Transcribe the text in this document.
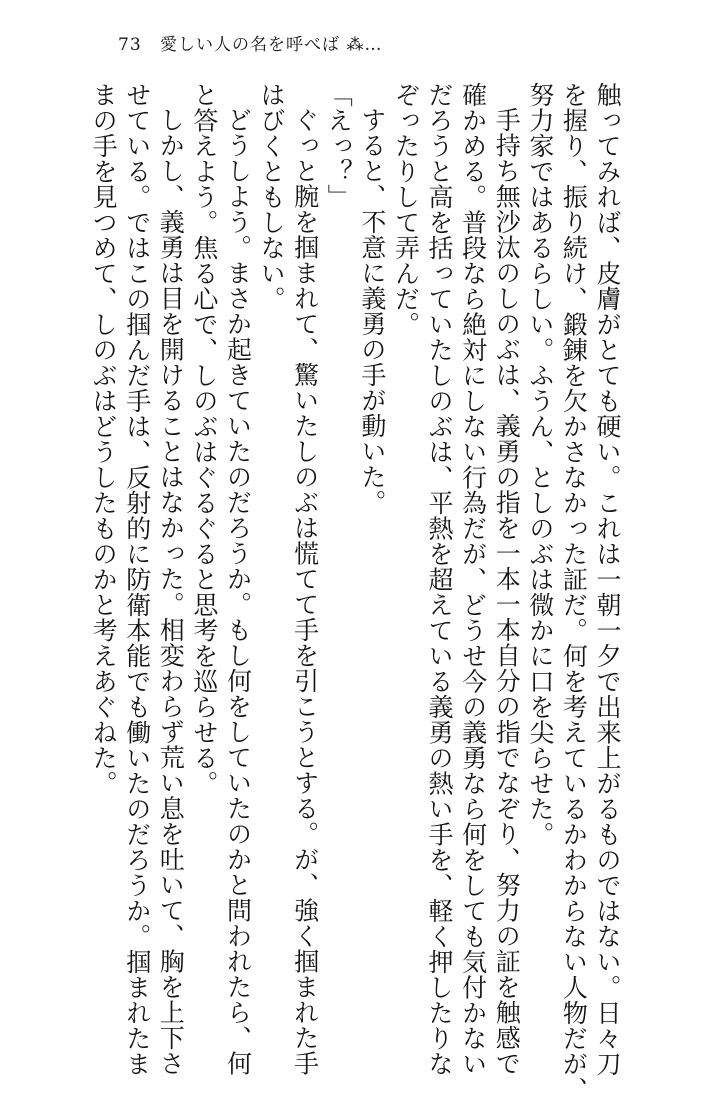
73 愛しい人の名を呼べば ⁂…
触ってみれば、皮膚がとても硬い。これは一朝一夕で出来上がるものではない。日々刀
を握り、振り続け、鍛錬を欠かさなかった証だ。何を考えているかわからない人物だが、
努力家ではあるらしい。ふうん、としのぶは微かに口を尖らせた。
手持ち無沙汰のしのぶは、義勇の指を一本一本自分の指でなぞり、努力の証を触感で
確かめる。普段なら絶対にしない行為だが、どうせ今の義勇なら何をしても気付かない
だろうと高を括っていたしのぶは、平熱を超えている義勇の熱い手を、軽く押したりな
ぞったりして弄んだ。
すると、不意に義勇の手が動いた。
「えっ？」
ぐっと腕を掴まれて、驚いたしのぶは慌てて手を引こうとする。が、強く掴まれた手
はびくともしない。
どうしよう。まさか起きていたのだろうか。もし何をしていたのかと問われたら、何
と答えよう。焦る心で、しのぶはぐるぐると思考を巡らせる。
しかし、義勇は目を開けることはなかった。相変わらず荒い息を吐いて、胸を上下さ
せている。ではこの掴んだ手は、反射的に防衛本能でも働いたのだろうか。掴まれたま
まの手を見つめて、しのぶはどうしたものかと考えあぐねた。
